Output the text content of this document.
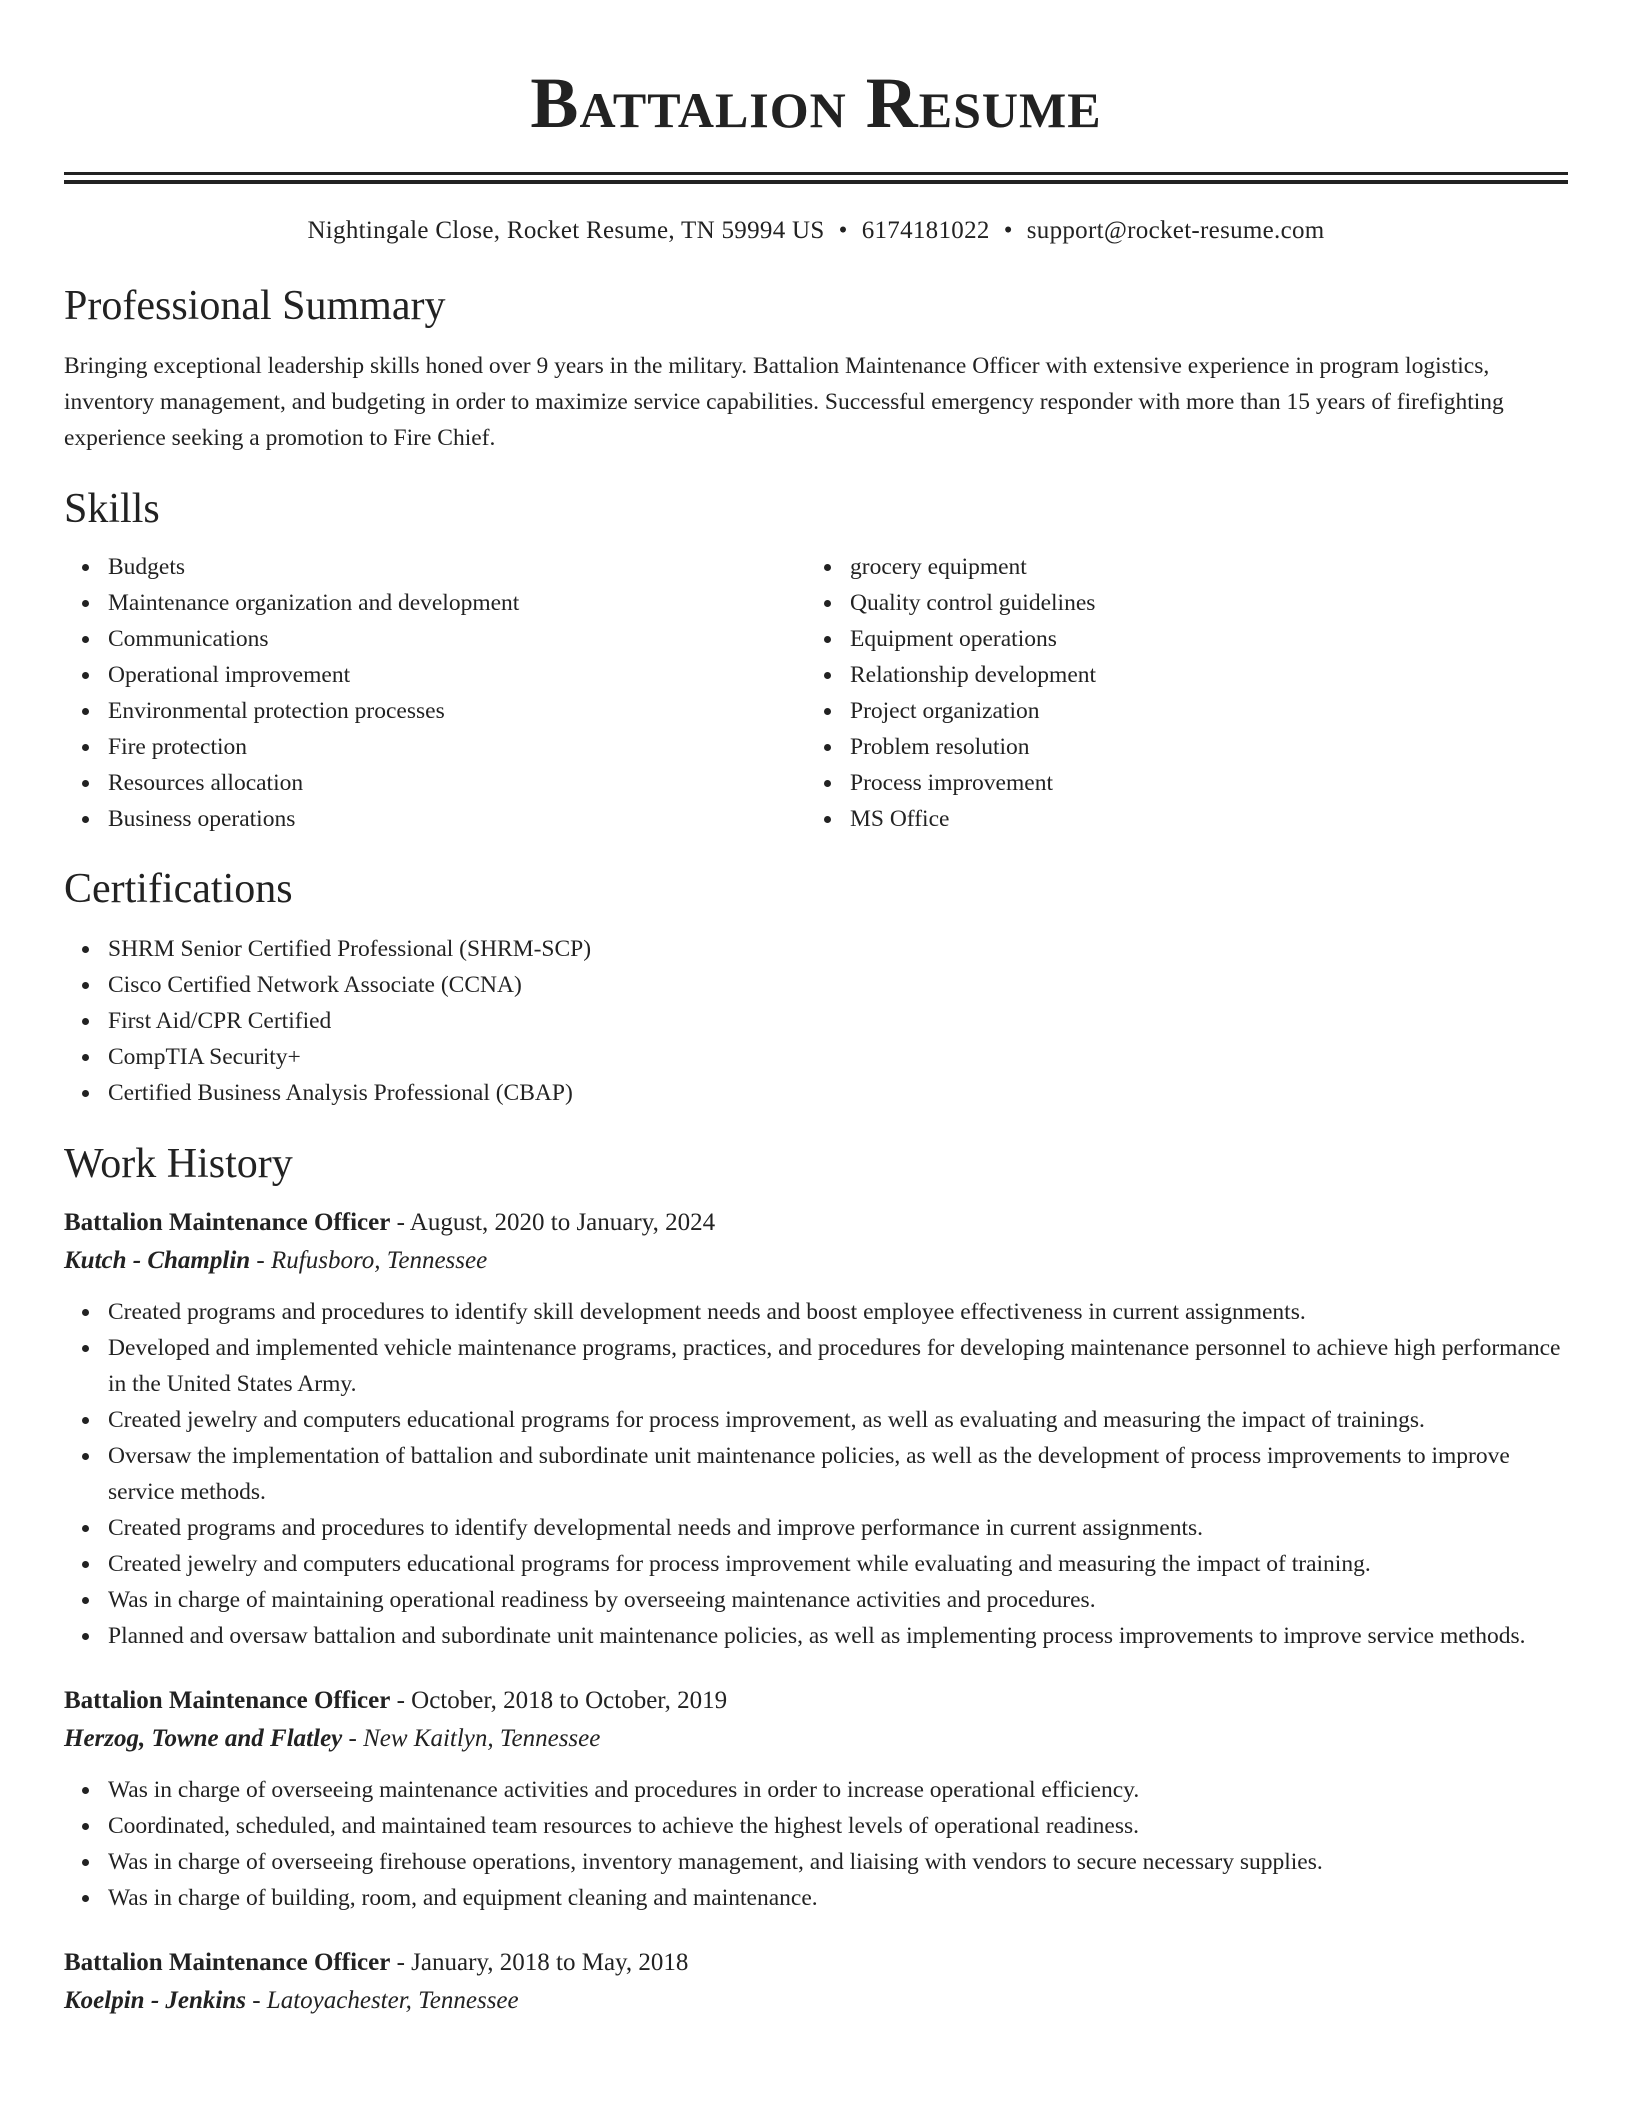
Battalion Resume
Nightingale Close, Rocket Resume, TN 59994 US • 6174181022 • support@rocket-resume.com
Professional Summary

Bringing exceptional leadership skills honed over 9 years in the military. Battalion Maintenance Officer with extensive experience in program logistics, inventory management, and budgeting in order to maximize service capabilities. Successful emergency responder with more than 15 years of firefighting experience seeking a promotion to Fire Chief.

Skills
Budgets
Maintenance organization and development
Communications
Operational improvement
Environmental protection processes
Fire protection
Resources allocation
Business operations
grocery equipment
Quality control guidelines
Equipment operations
Relationship development
Project organization
Problem resolution
Process improvement
MS Office
Certifications
SHRM Senior Certified Professional (SHRM-SCP)
Cisco Certified Network Associate (CCNA)
First Aid/CPR Certified
CompTIA Security+
Certified Business Analysis Professional (CBAP)
Work History
Battalion Maintenance Officer - August, 2020 to January, 2024
Kutch - Champlin - Rufusboro, Tennessee
Created programs and procedures to identify skill development needs and boost employee effectiveness in current assignments.
Developed and implemented vehicle maintenance programs, practices, and procedures for developing maintenance personnel to achieve high performance in the United States Army.
Created jewelry and computers educational programs for process improvement, as well as evaluating and measuring the impact of trainings.
Oversaw the implementation of battalion and subordinate unit maintenance policies, as well as the development of process improvements to improve service methods.
Created programs and procedures to identify developmental needs and improve performance in current assignments.
Created jewelry and computers educational programs for process improvement while evaluating and measuring the impact of training.
Was in charge of maintaining operational readiness by overseeing maintenance activities and procedures.
Planned and oversaw battalion and subordinate unit maintenance policies, as well as implementing process improvements to improve service methods.
Battalion Maintenance Officer - October, 2018 to October, 2019
Herzog, Towne and Flatley - New Kaitlyn, Tennessee
Was in charge of overseeing maintenance activities and procedures in order to increase operational efficiency.
Coordinated, scheduled, and maintained team resources to achieve the highest levels of operational readiness.
Was in charge of overseeing firehouse operations, inventory management, and liaising with vendors to secure necessary supplies.
Was in charge of building, room, and equipment cleaning and maintenance.
Battalion Maintenance Officer - January, 2018 to May, 2018
Koelpin - Jenkins - Latoyachester, Tennessee
